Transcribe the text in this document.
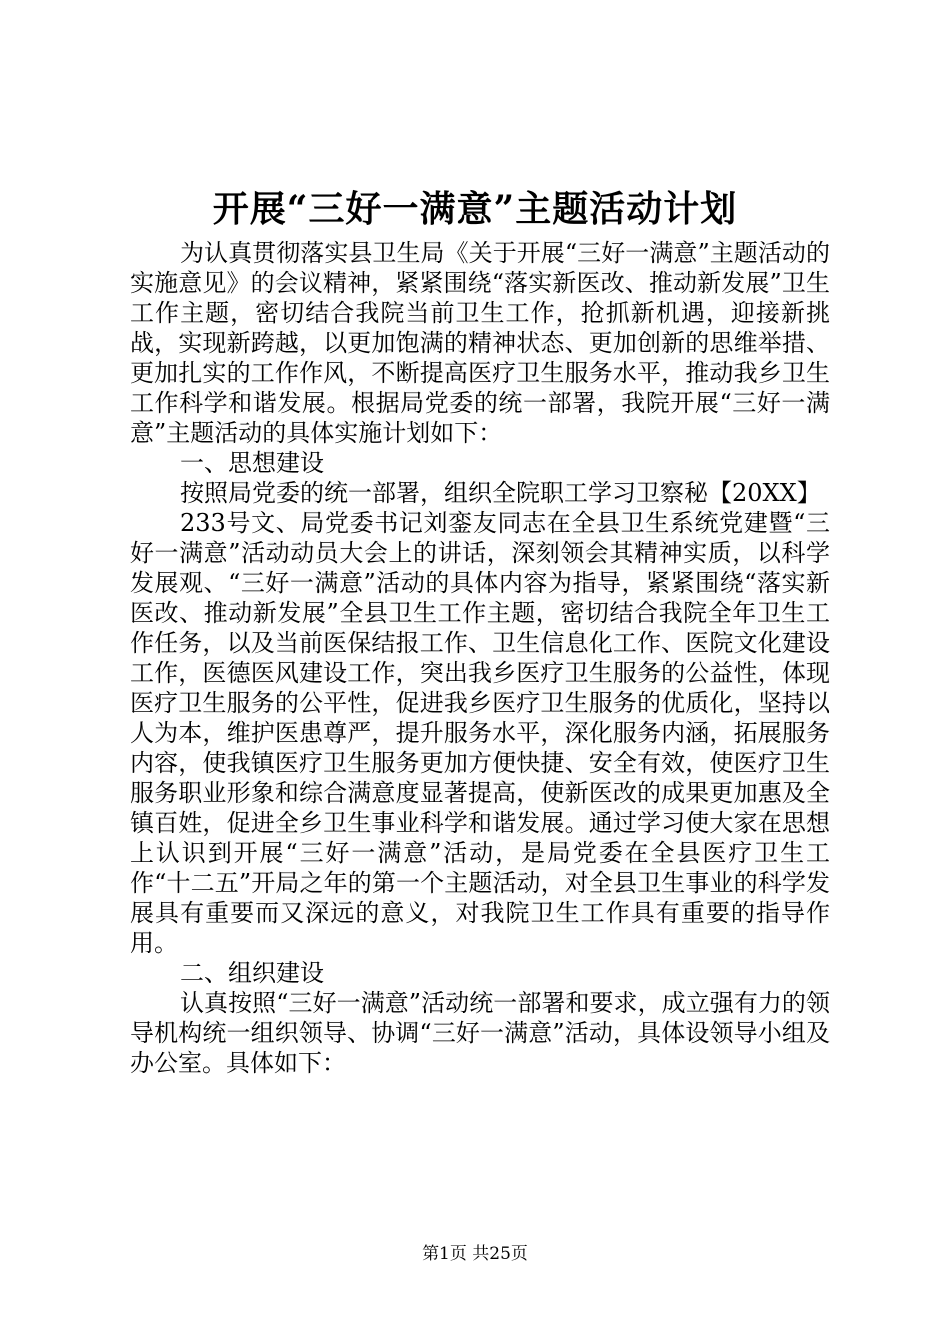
开展“三好一满意”主题活动计划

为认真贯彻落实县卫生局《关于开展“三好一满意”主题活动的实施意见》的会议精神，紧紧围绕“落实新医改、推动新发展”卫生工作主题，密切结合我院当前卫生工作，抢抓新机遇，迎接新挑战，实现新跨越，以更加饱满的精神状态、更加创新的思维举措、更加扎实的工作作风，不断提高医疗卫生服务水平，推动我乡卫生工作科学和谐发展。根据局党委的统一部署，我院开展“三好一满意”主题活动的具体实施计划如下：

一、思想建设

按照局党委的统一部署，组织全院职工学习卫察秘【20XX】

233号文、局党委书记刘銮友同志在全县卫生系统党建暨“三好一满意”活动动员大会上的讲话，深刻领会其精神实质，以科学发展观、“三好一满意”活动的具体内容为指导，紧紧围绕“落实新医改、推动新发展”全县卫生工作主题，密切结合我院全年卫生工作任务，以及当前医保结报工作、卫生信息化工作、医院文化建设工作，医德医风建设工作，突出我乡医疗卫生服务的公益性，体现医疗卫生服务的公平性，促进我乡医疗卫生服务的优质化，坚持以人为本，维护医患尊严，提升服务水平，深化服务内涵，拓展服务内容，使我镇医疗卫生服务更加方便快捷、安全有效，使医疗卫生服务职业形象和综合满意度显著提高，使新医改的成果更加惠及全镇百姓，促进全乡卫生事业科学和谐发展。通过学习使大家在思想上认识到开展“三好一满意”活动，是局党委在全县医疗卫生工作“十二五”开局之年的第一个主题活动，对全县卫生事业的科学发展具有重要而又深远的意义，对我院卫生工作具有重要的指导作用。

二、组织建设

认真按照“三好一满意”活动统一部署和要求，成立强有力的领导机构统一组织领导、协调“三好一满意”活动，具体设领导小组及办公室。具体如下：

第1页 共25页
